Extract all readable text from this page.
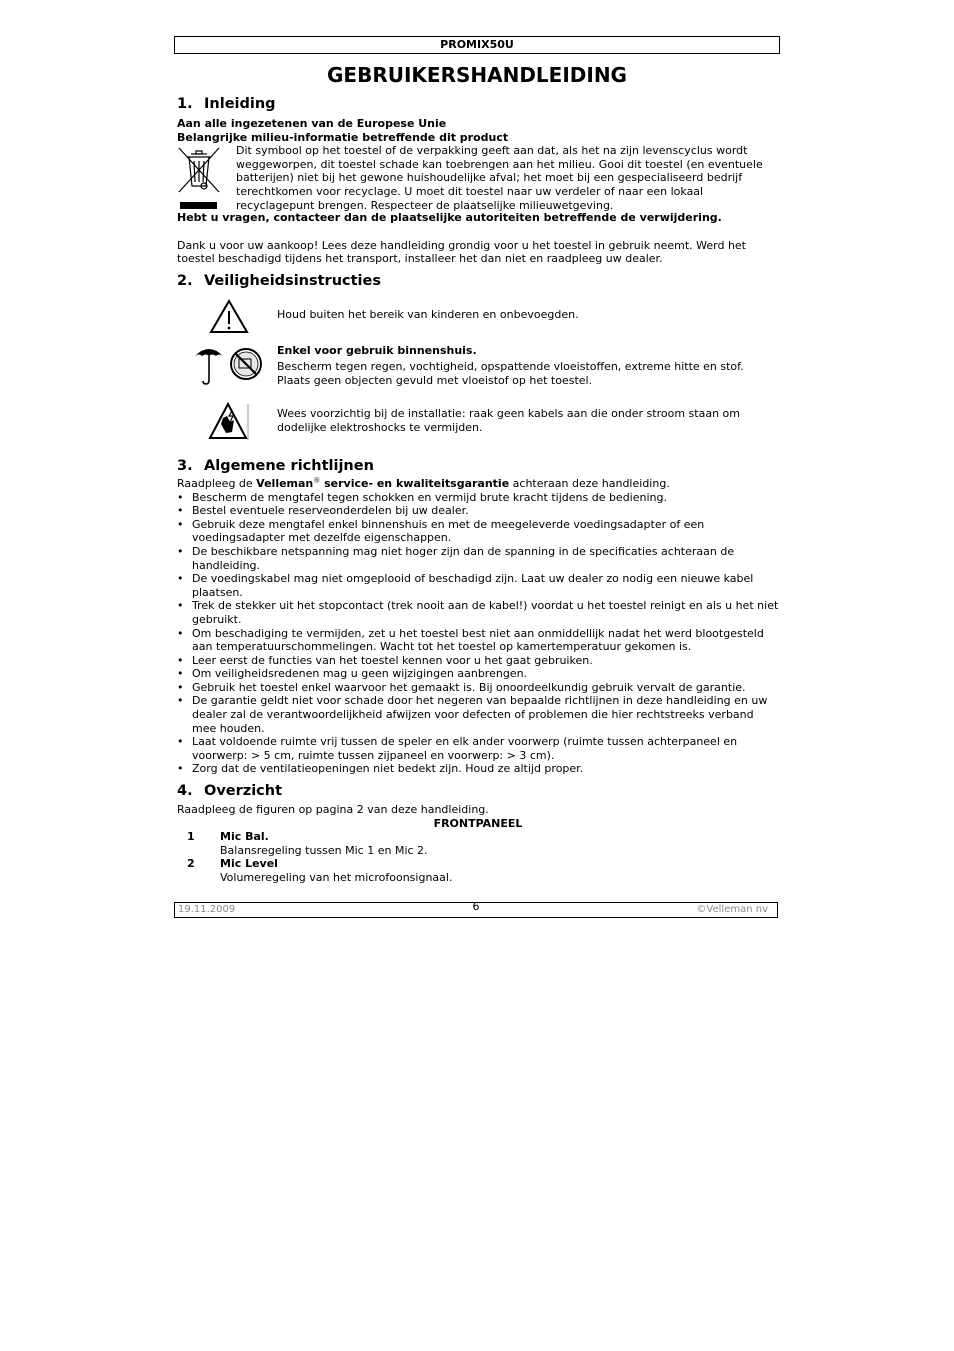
PROMIX50U
GEBRUIKERSHANDLEIDING
1. Inleiding

Aan alle ingezetenen van de Europese Unie

Belangrijke milieu-informatie betreffende dit product

Dit symbool op het toestel of de verpakking geeft aan dat, als het na zijn levenscyclus wordt weggeworpen, dit toestel schade kan toebrengen aan het milieu. Gooi dit toestel (en eventuele batterijen) niet bij het gewone huishoudelijke afval; het moet bij een gespecialiseerd bedrijf terechtkomen voor recyclage. U moet dit toestel naar uw verdeler of naar een lokaal recyclagepunt brengen. Respecteer de plaatselijke milieuwetgeving.

Hebt u vragen, contacteer dan de plaatselijke autoriteiten betreffende de verwijdering.

Dank u voor uw aankoop! Lees deze handleiding grondig voor u het toestel in gebruik neemt. Werd het toestel beschadigd tijdens het transport, installeer het dan niet en raadpleeg uw dealer.

2. Veiligheidsinstructies

Houd buiten het bereik van kinderen en onbevoegden.

Enkel voor gebruik binnenshuis.

Bescherm tegen regen, vochtigheid, opspattende vloeistoffen, extreme hitte en stof. Plaats geen objecten gevuld met vloeistof op het toestel.

Wees voorzichtig bij de installatie: raak geen kabels aan die onder stroom staan om dodelijke elektroshocks te vermijden.

3. Algemene richtlijnen

Raadpleeg de Velleman® service- en kwaliteitsgarantie achteraan deze handleiding.

• Bescherm de mengtafel tegen schokken en vermijd brute kracht tijdens de bediening.
• Bestel eventuele reserveonderdelen bij uw dealer.
• Gebruik deze mengtafel enkel binnenshuis en met de meegeleverde voedingsadapter of een voedingsadapter met dezelfde eigenschappen.
• De beschikbare netspanning mag niet hoger zijn dan de spanning in de specificaties achteraan de handleiding.
• De voedingskabel mag niet omgeplooid of beschadigd zijn. Laat uw dealer zo nodig een nieuwe kabel plaatsen.
• Trek de stekker uit het stopcontact (trek nooit aan de kabel!) voordat u het toestel reinigt en als u het niet gebruikt.
• Om beschadiging te vermijden, zet u het toestel best niet aan onmiddellijk nadat het werd blootgesteld aan temperatuurschommelingen. Wacht tot het toestel op kamertemperatuur gekomen is.
• Leer eerst de functies van het toestel kennen voor u het gaat gebruiken.
• Om veiligheidsredenen mag u geen wijzigingen aanbrengen.
• Gebruik het toestel enkel waarvoor het gemaakt is. Bij onoordeelkundig gebruik vervalt de garantie.
• De garantie geldt niet voor schade door het negeren van bepaalde richtlijnen in deze handleiding en uw dealer zal de verantwoordelijkheid afwijzen voor defecten of problemen die hier rechtstreeks verband mee houden.
• Laat voldoende ruimte vrij tussen de speler en elk ander voorwerp (ruimte tussen achterpaneel en voorwerp: > 5 cm, ruimte tussen zijpaneel en voorwerp: > 3 cm).
• Zorg dat de ventilatieopeningen niet bedekt zijn. Houd ze altijd proper.
4. Overzicht

Raadpleeg de figuren op pagina 2 van deze handleiding.

FRONTPANEEL

1 Mic Bal.

Balansregeling tussen Mic 1 en Mic 2.

2 Mic Level

Volumeregeling van het microfoonsignaal.

19.11.2009	6	©Velleman nv
